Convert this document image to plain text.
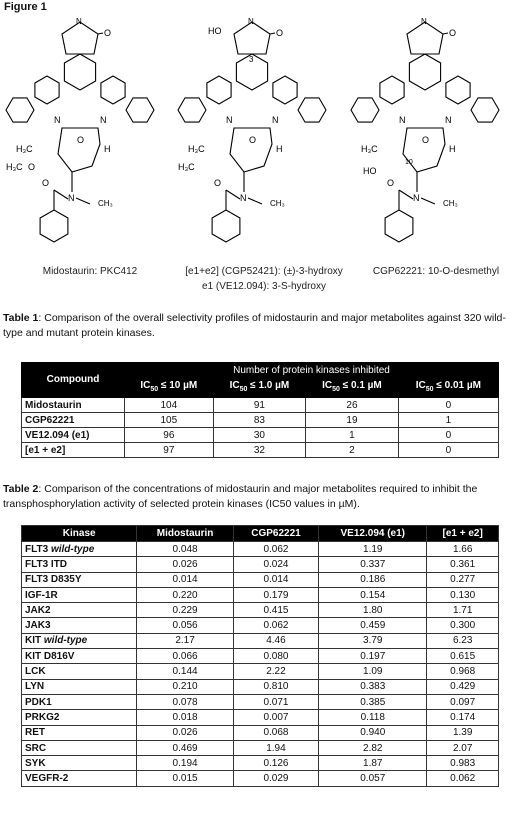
Figure 1
N
O
N	N
O
N
O
H₃C
H₃C O
H
CH₃
N
O
N	N
O
N
O
HO
3
H₃C
H₃C
H
CH₃
N
O
N	N
O
N
O
H₃C
HO
10
H
CH₃
Midostaurin: PKC412	[e1+e2] (CGP52421): (±)-3-hydroxy
e1 (VE12.094): 3-S-hydroxy
CGP62221: 10-O-desmethyl
Table 1: Comparison of the overall selectivity profiles of midostaurin and major metabolites against 320 wild-type and mutant protein kinases.
Compound	Number of protein kinases inhibited			
	$IC_{50} \le 10$ µM	$IC_{50} \le 1.0$ µM	$IC_{50} \le 0.1$ µM	$IC_{50} \le 0.01$ µM
Midostaurin	104	91	26	0
CGP62221	105	83	19	1
VE12.094 (e1)	96	30	1	0
[e1 + e2]	97	32	2	0
Table 2: Comparison of the concentrations of midostaurin and major metabolites required to inhibit the transphosphorylation activity of selected protein kinases (IC50 values in µM).
Kinase	Midostaurin	CGP62221	VE12.094 (e1)	[e1 + e2]
FLT3 wild-type	0.048	0.062	1.19	1.66
FLT3 ITD	0.026	0.024	0.337	0.361
FLT3 D835Y	0.014	0.014	0.186	0.277
IGF-1R	0.220	0.179	0.154	0.130
JAK2	0.229	0.415	1.80	1.71
JAK3	0.056	0.062	0.459	0.300
KIT wild-type	2.17	4.46	3.79	6.23
KIT D816V	0.066	0.080	0.197	0.615
LCK	0.144	2.22	1.09	0.968
LYN	0.210	0.810	0.383	0.429
PDK1	0.078	0.071	0.385	0.097
PRKG2	0.018	0.007	0.118	0.174
RET	0.026	0.068	0.940	1.39
SRC	0.469	1.94	2.82	2.07
SYK	0.194	0.126	1.87	0.983
VEGFR-2	0.015	0.029	0.057	0.062
